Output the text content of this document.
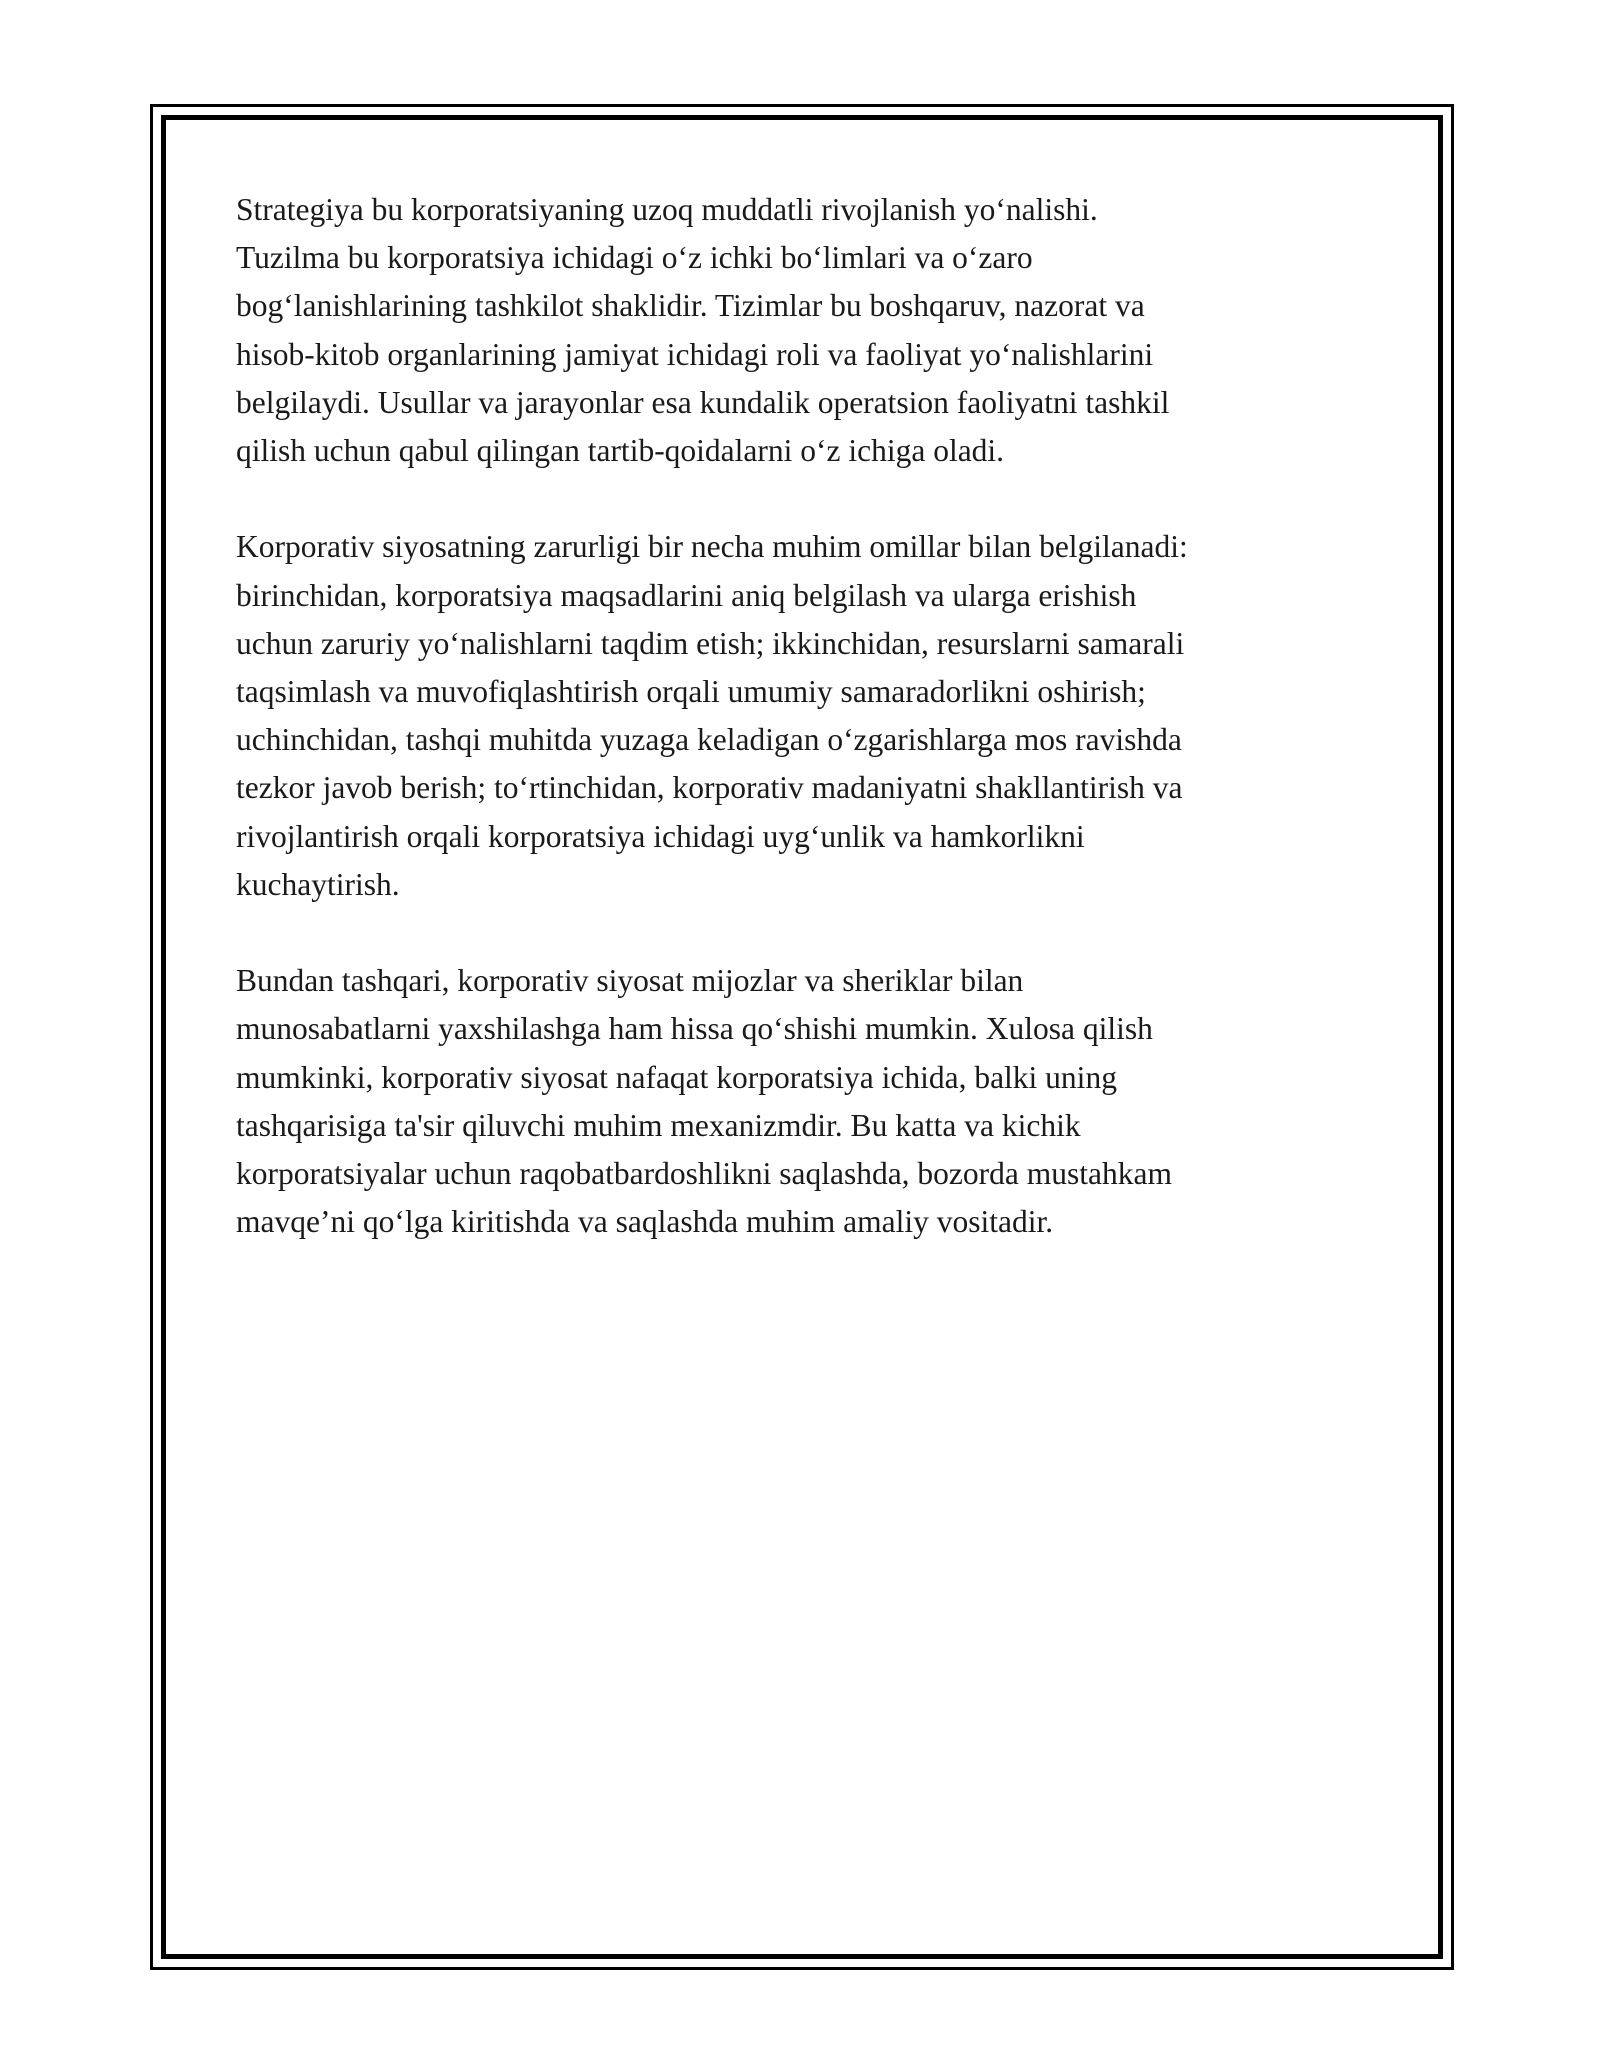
Strategiya bu korporatsiyaning uzoq muddatli rivojlanish yo‘nalishi.
Tuzilma bu korporatsiya ichidagi o‘z ichki bo‘limlari va o‘zaro
bog‘lanishlarining tashkilot shaklidir. Tizimlar bu boshqaruv, nazorat va
hisob-kitob organlarining jamiyat ichidagi roli va faoliyat yo‘nalishlarini
belgilaydi. Usullar va jarayonlar esa kundalik operatsion faoliyatni tashkil
qilish uchun qabul qilingan tartib-qoidalarni o‘z ichiga oladi.

Korporativ siyosatning zarurligi bir necha muhim omillar bilan belgilanadi:
birinchidan, korporatsiya maqsadlarini aniq belgilash va ularga erishish
uchun zaruriy yo‘nalishlarni taqdim etish; ikkinchidan, resurslarni samarali
taqsimlash va muvofiqlashtirish orqali umumiy samaradorlikni oshirish;
uchinchidan, tashqi muhitda yuzaga keladigan o‘zgarishlarga mos ravishda
tezkor javob berish; to‘rtinchidan, korporativ madaniyatni shakllantirish va
rivojlantirish orqali korporatsiya ichidagi uyg‘unlik va hamkorlikni
kuchaytirish.

Bundan tashqari, korporativ siyosat mijozlar va sheriklar bilan
munosabatlarni yaxshilashga ham hissa qo‘shishi mumkin. Xulosa qilish
mumkinki, korporativ siyosat nafaqat korporatsiya ichida, balki uning
tashqarisiga ta'sir qiluvchi muhim mexanizmdir. Bu katta va kichik
korporatsiyalar uchun raqobatbardoshlikni saqlashda, bozorda mustahkam
mavqe’ni qo‘lga kiritishda va saqlashda muhim amaliy vositadir.
